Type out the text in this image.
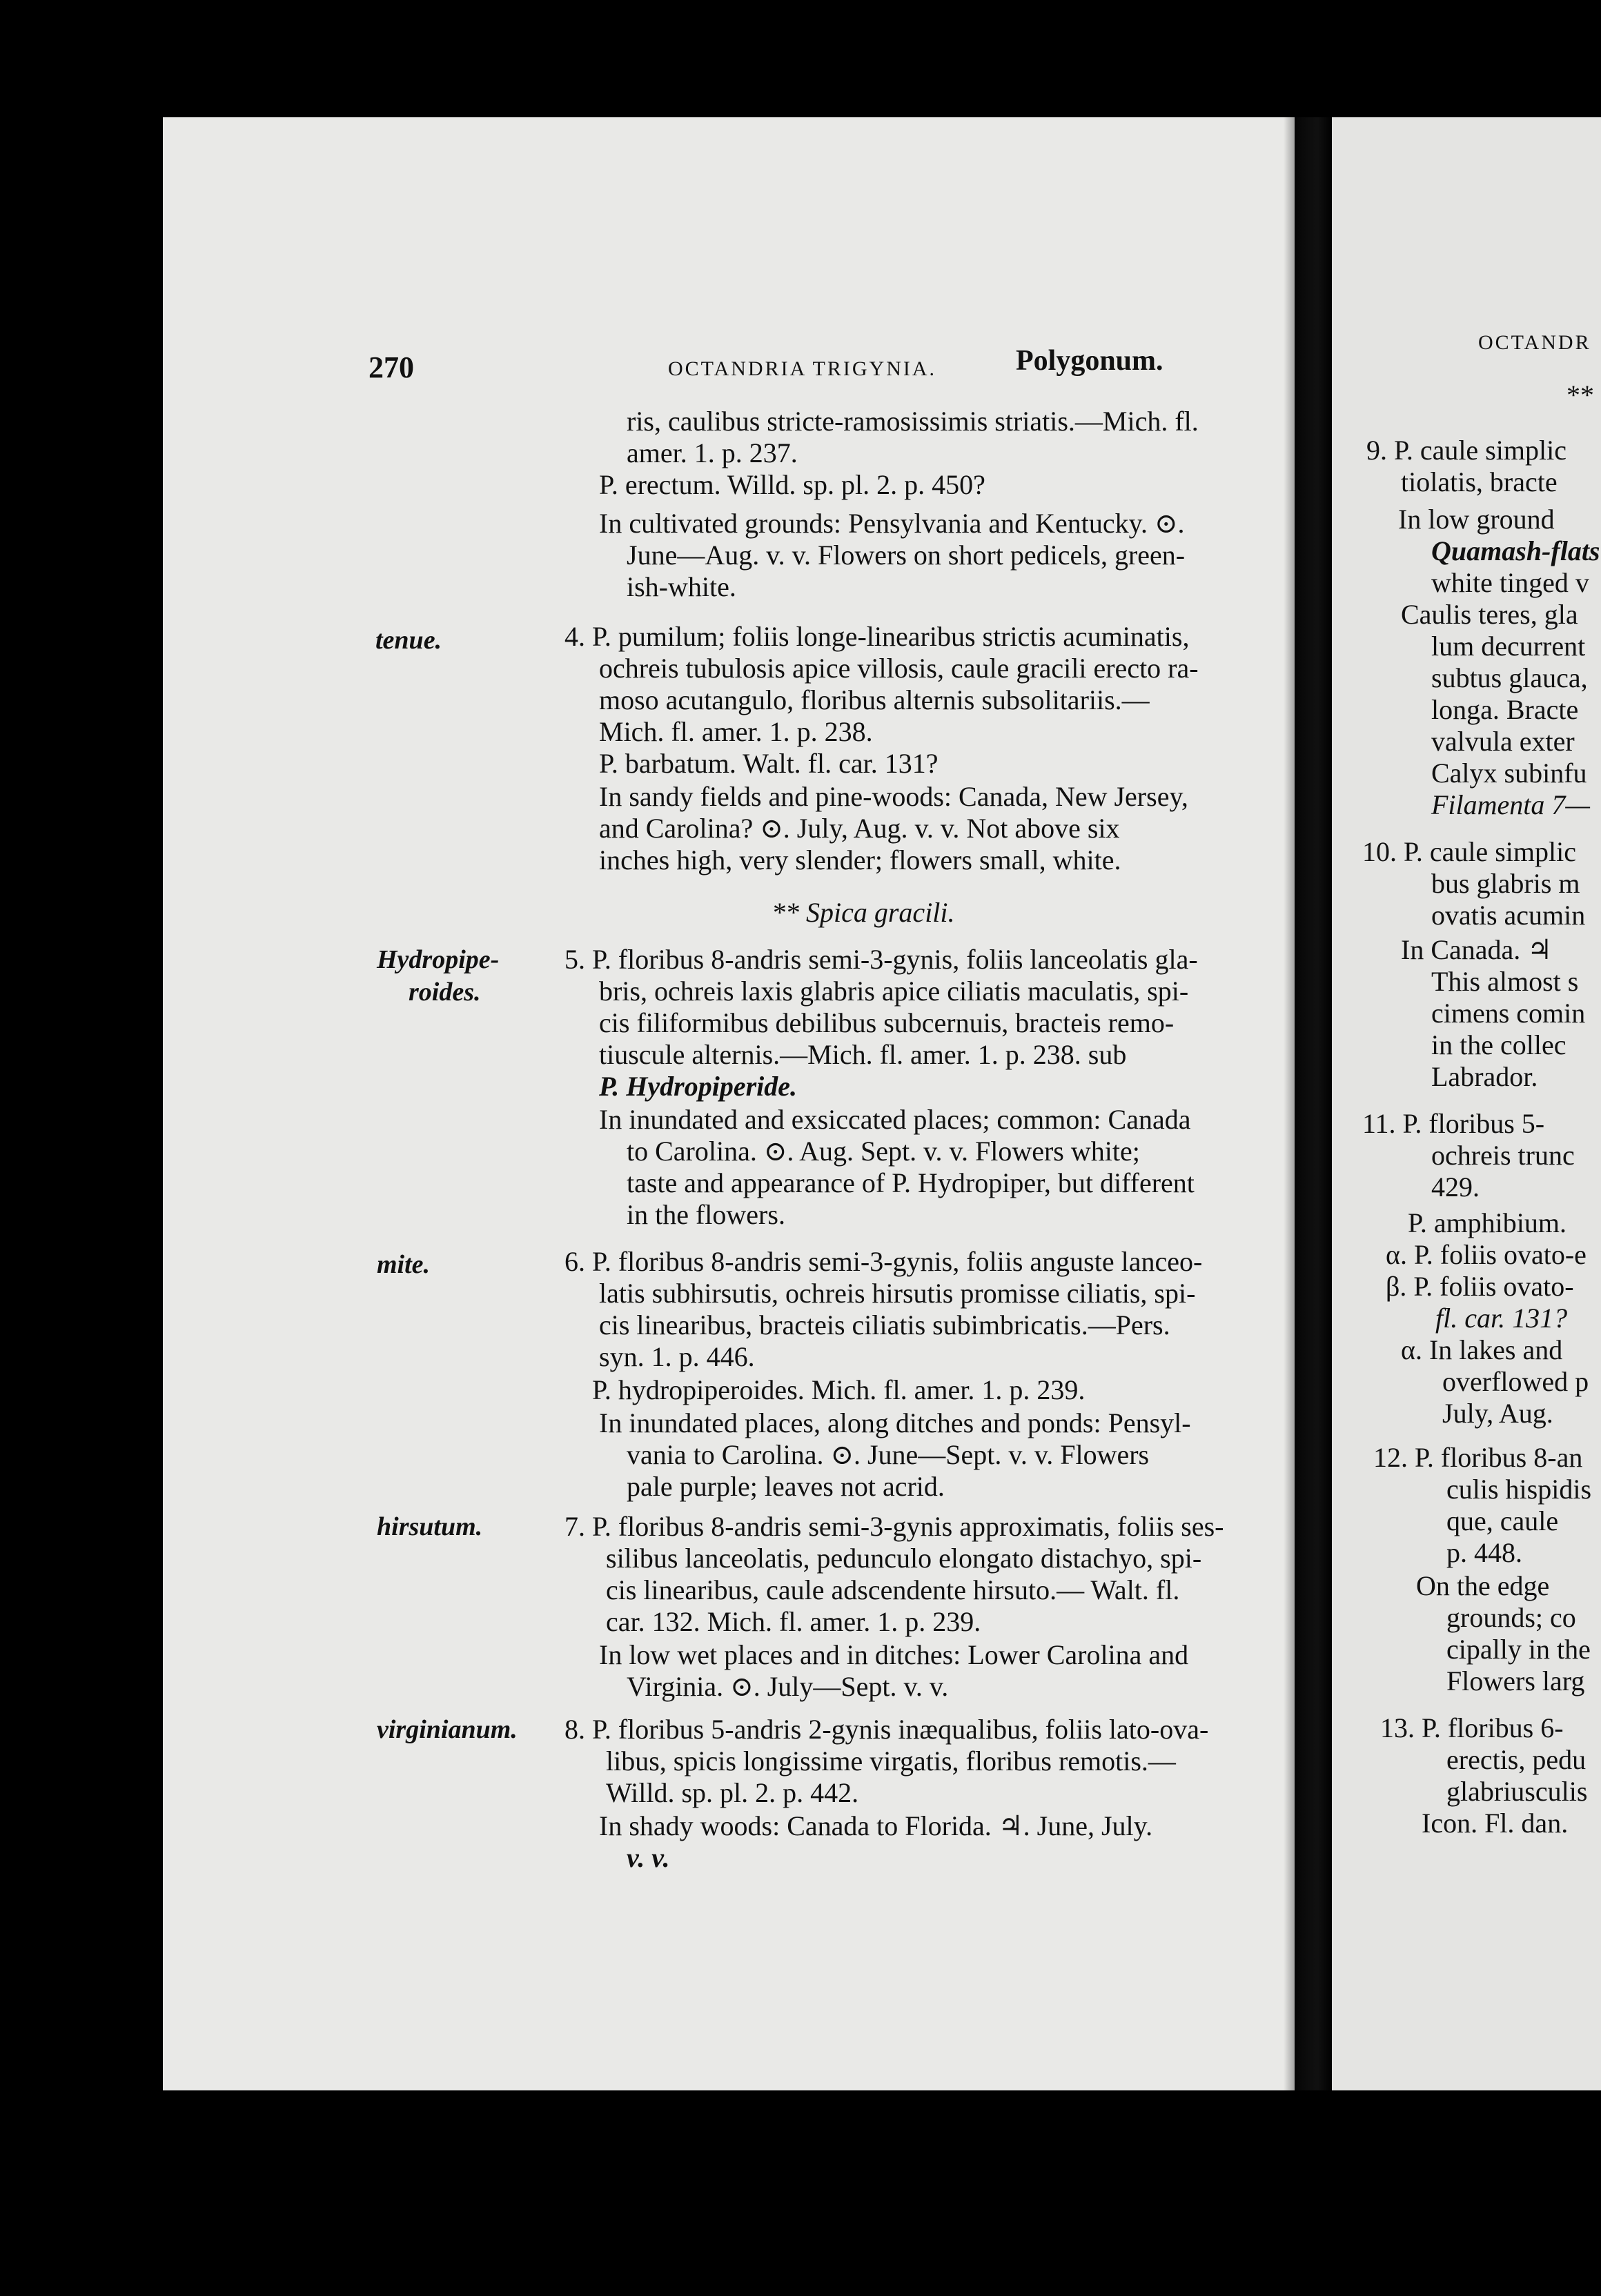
270	OCTANDRIA TRIGYNIA.	Polygonum.
tenue.
Hydropipe-
roides.
mite.
hirsutum.
virginianum.
ris, caulibus stricte-ramosissimis striatis.—Mich. fl.
amer. 1. p. 237.
P. erectum. Willd. sp. pl. 2. p. 450?
In cultivated grounds: Pensylvania and Kentucky. ⊙.
June—Aug. v. v. Flowers on short pedicels, green-
ish-white.
4. P. pumilum; foliis longe-linearibus strictis acuminatis,
ochreis tubulosis apice villosis, caule gracili erecto ra-
moso acutangulo, floribus alternis subsolitariis.—
Mich. fl. amer. 1. p. 238.
P. barbatum. Walt. fl. car. 131?
In sandy fields and pine-woods: Canada, New Jersey,
and Carolina? ⊙. July, Aug. v. v. Not above six
inches high, very slender; flowers small, white.
** Spica gracili.
5. P. floribus 8-andris semi-3-gynis, foliis lanceolatis gla-
bris, ochreis laxis glabris apice ciliatis maculatis, spi-
cis filiformibus debilibus subcernuis, bracteis remo-
tiuscule alternis.—Mich. fl. amer. 1. p. 238. sub
P. Hydropiperide.
In inundated and exsiccated places; common: Canada
to Carolina. ⊙. Aug. Sept. v. v. Flowers white;
taste and appearance of P. Hydropiper, but different
in the flowers.
6. P. floribus 8-andris semi-3-gynis, foliis anguste lanceo-
latis subhirsutis, ochreis hirsutis promisse ciliatis, spi-
cis linearibus, bracteis ciliatis subimbricatis.—Pers.
syn. 1. p. 446.
P. hydropiperoides. Mich. fl. amer. 1. p. 239.
In inundated places, along ditches and ponds: Pensyl-
vania to Carolina. ⊙. June—Sept. v. v. Flowers
pale purple; leaves not acrid.
7. P. floribus 8-andris semi-3-gynis approximatis, foliis ses-
silibus lanceolatis, pedunculo elongato distachyo, spi-
cis linearibus, caule adscendente hirsuto.— Walt. fl.
car. 132. Mich. fl. amer. 1. p. 239.
In low wet places and in ditches: Lower Carolina and
Virginia. ⊙. July—Sept. v. v.
8. P. floribus 5-andris 2-gynis inæqualibus, foliis lato-ova-
libus, spicis longissime virgatis, floribus remotis.—
Willd. sp. pl. 2. p. 442.
In shady woods: Canada to Florida. ♃. June, July.
v. v.
OCTANDR
**
9. P. caule simplic
tiolatis, bracte
In low ground
Quamash-flats
white tinged v
Caulis teres, gla
lum decurrent
subtus glauca,
longa. Bracte
valvula exter
Calyx subinfu
Filamenta 7—
10. P. caule simplic
bus glabris m
ovatis acumin
In Canada. ♃
This almost s
cimens comin
in the collec
Labrador.
11. P. floribus 5-
ochreis trunc
429.
P. amphibium.
α. P. foliis ovato-e
β. P. foliis ovato-
fl. car. 131?
α. In lakes and
overflowed p
July, Aug.
12. P. floribus 8-an
culis hispidis
que, caule
p. 448.
On the edge
grounds; co
cipally in the
Flowers larg
13. P. floribus 6-
erectis, pedu
glabriusculis
Icon. Fl. dan.
